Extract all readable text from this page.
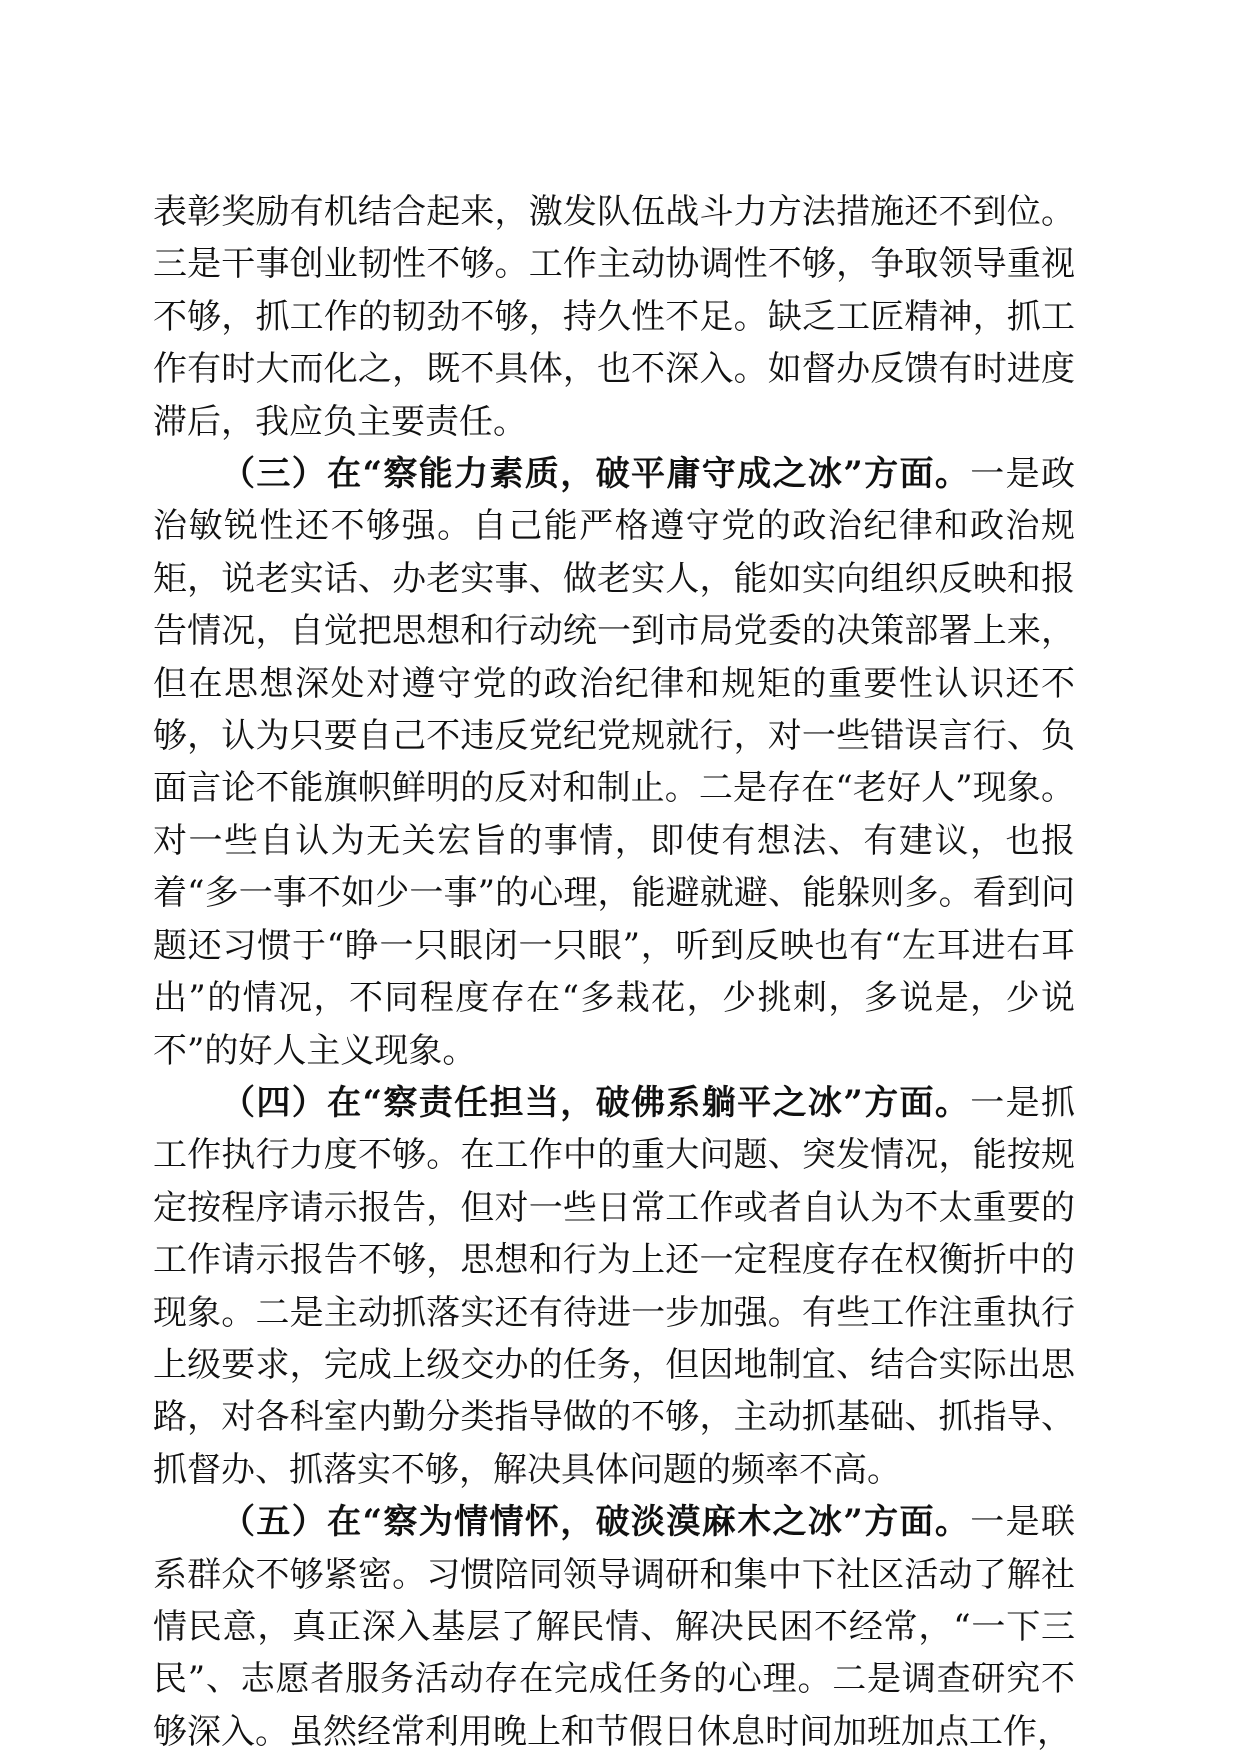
表彰奖励有机结合起来，激发队伍战斗力方法措施还不到位。三是干事创业韧性不够。工作主动协调性不够，争取领导重视不够，抓工作的韧劲不够，持久性不足。缺乏工匠精神，抓工作有时大而化之，既不具体，也不深入。如督办反馈有时进度滞后，我应负主要责任。

（三）在“察能力素质，破平庸守成之冰”方面。一是政治敏锐性还不够强。自己能严格遵守党的政治纪律和政治规矩，说老实话、办老实事、做老实人，能如实向组织反映和报告情况，自觉把思想和行动统一到市局党委的决策部署上来，但在思想深处对遵守党的政治纪律和规矩的重要性认识还不够，认为只要自己不违反党纪党规就行，对一些错误言行、负面言论不能旗帜鲜明的反对和制止。二是存在“老好人”现象。对一些自认为无关宏旨的事情，即使有想法、有建议，也报着“多一事不如少一事”的心理，能避就避、能躲则多。看到问题还习惯于“睁一只眼闭一只眼”，听到反映也有“左耳进右耳出”的情况，不同程度存在“多栽花，少挑刺，多说是，少说不”的好人主义现象。

（四）在“察责任担当，破佛系躺平之冰”方面。一是抓工作执行力度不够。在工作中的重大问题、突发情况，能按规定按程序请示报告，但对一些日常工作或者自认为不太重要的工作请示报告不够，思想和行为上还一定程度存在权衡折中的现象。二是主动抓落实还有待进一步加强。有些工作注重执行上级要求，完成上级交办的任务，但因地制宜、结合实际出思路，对各科室内勤分类指导做的不够，主动抓基础、抓指导、抓督办、抓落实不够，解决具体问题的频率不高。

（五）在“察为情情怀，破淡漠麻木之冰”方面。一是联系群众不够紧密。习惯陪同领导调研和集中下社区活动了解社情民意，真正深入基层了解民情、解决民困不经常，“一下三民”、志愿者服务活动存在完成任务的心理。二是调查研究不够深入。虽然经常利用晚上和节假日休息时间加班加点工作，
